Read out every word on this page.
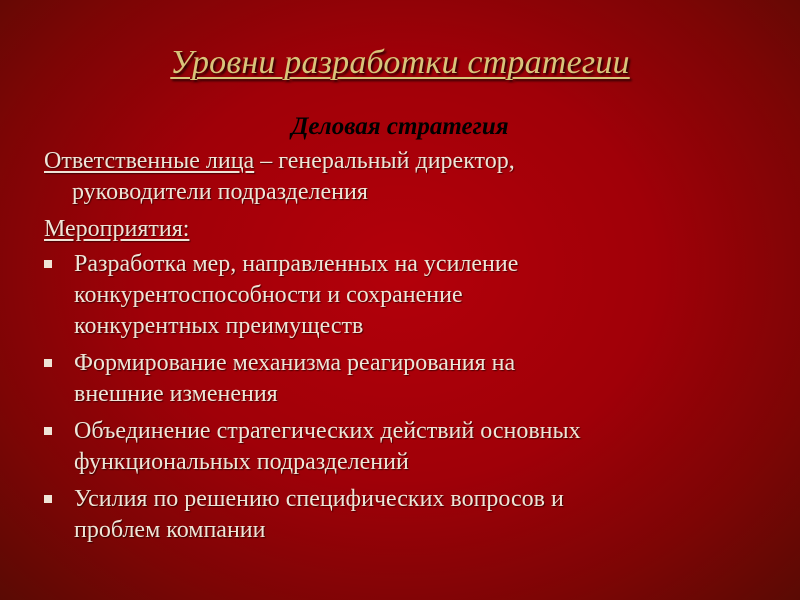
Уровни разработки стратегии
Деловая стратегия

Ответственные лица – генеральный директор,
руководители подразделения

Мероприятия:

Разработка мер, направленных на усиление
конкурентоспособности и сохранение
конкурентных преимуществ
Формирование механизма реагирования на
внешние изменения
Объединение стратегических действий основных
функциональных подразделений
Усилия по решению специфических вопросов и
проблем компании
